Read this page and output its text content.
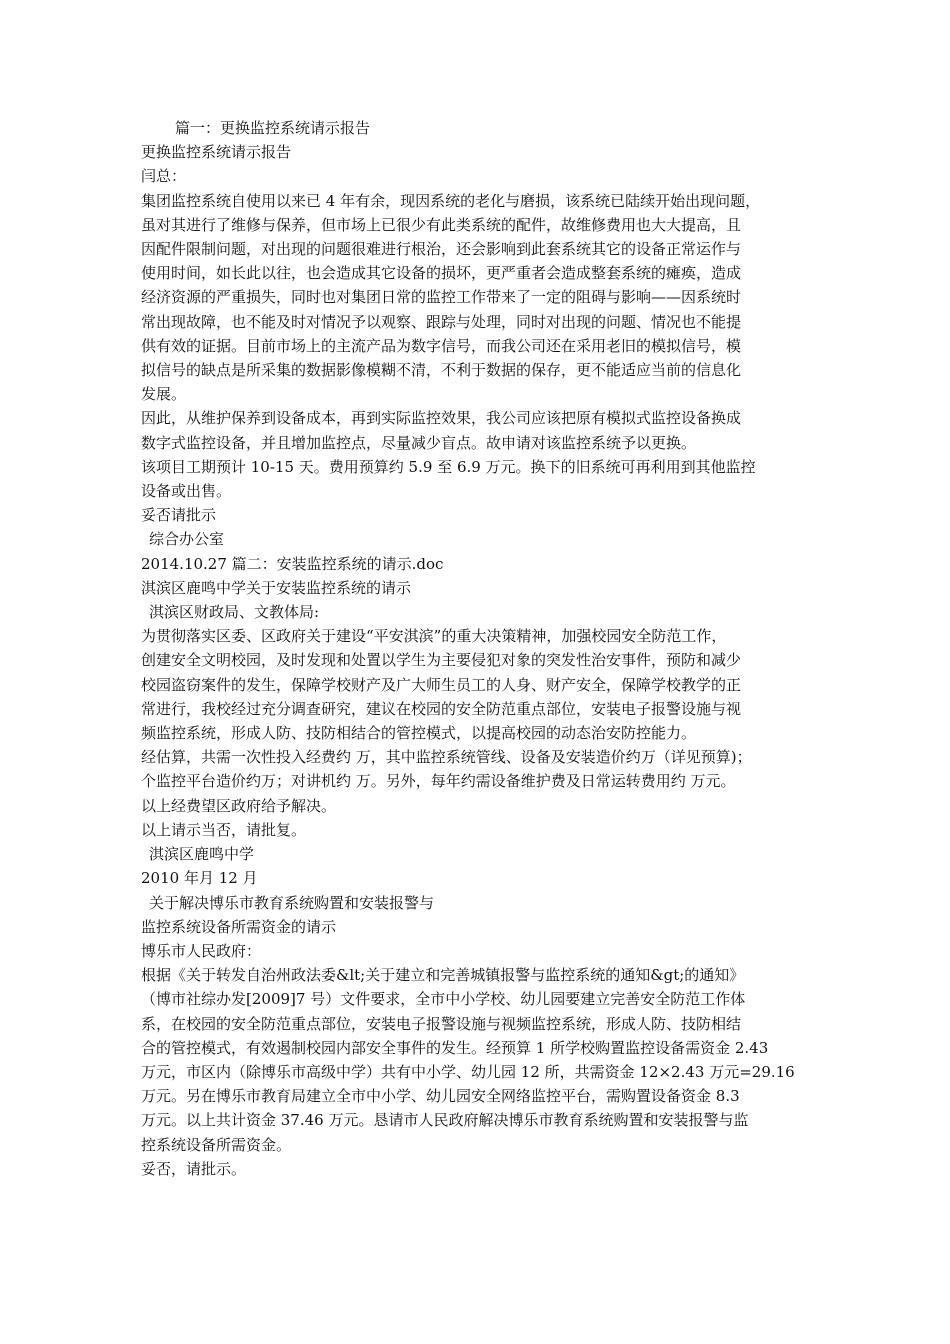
篇一：更换监控系统请示报告
更换监控系统请示报告
闫总：
集团监控系统自使用以来已 4 年有余，现因系统的老化与磨损，该系统已陆续开始出现问题，
虽对其进行了维修与保养，但市场上已很少有此类系统的配件，故维修费用也大大提高，且
因配件限制问题，对出现的问题很难进行根治，还会影响到此套系统其它的设备正常运作与
使用时间，如长此以往，也会造成其它设备的损坏，更严重者会造成整套系统的瘫痪，造成
经济资源的严重损失，同时也对集团日常的监控工作带来了一定的阻碍与影响——因系统时
常出现故障，也不能及时对情况予以观察、跟踪与处理，同时对出现的问题、情况也不能提
供有效的证据。目前市场上的主流产品为数字信号，而我公司还在采用老旧的模拟信号，模
拟信号的缺点是所采集的数据影像模糊不清，不利于数据的保存，更不能适应当前的信息化
发展。
因此，从维护保养到设备成本，再到实际监控效果，我公司应该把原有模拟式监控设备换成
数字式监控设备，并且增加监控点，尽量减少盲点。故申请对该监控系统予以更换。
该项目工期预计 10-15 天。费用预算约 5.9 至 6.9 万元。换下的旧系统可再利用到其他监控
设备或出售。
妥否请批示
综合办公室
2014.10.27 篇二：安装监控系统的请示.doc
淇滨区鹿鸣中学关于安装监控系统的请示
淇滨区财政局、文教体局:
为贯彻落实区委、区政府关于建设“平安淇滨”的重大决策精神，加强校园安全防范工作，
创建安全文明校园，及时发现和处置以学生为主要侵犯对象的突发性治安事件，预防和减少
校园盗窃案件的发生，保障学校财产及广大师生员工的人身、财产安全，保障学校教学的正
常进行，我校经过充分调查研究，建议在校园的安全防范重点部位，安装电子报警设施与视
频监控系统，形成人防、技防相结合的管控模式，以提高校园的动态治安防控能力。
经估算，共需一次性投入经费约 万，其中监控系统管线、设备及安装造价约万（详见预算)；
个监控平台造价约万；对讲机约 万。另外，每年约需设备维护费及日常运转费用约 万元。
以上经费望区政府给予解决。
以上请示当否，请批复。
淇滨区鹿鸣中学
2010 年月 12 月
关于解决博乐市教育系统购置和安装报警与
监控系统设备所需资金的请示
博乐市人民政府：
根据《关于转发自治州政法委&lt;关于建立和完善城镇报警与监控系统的通知&gt;的通知》
（博市社综办发[2009]7 号）文件要求，全市中小学校、幼儿园要建立完善安全防范工作体
系，在校园的安全防范重点部位，安装电子报警设施与视频监控系统，形成人防、技防相结
合的管控模式，有效遏制校园内部安全事件的发生。经预算 1 所学校购置监控设备需资金 2.43
万元，市区内（除博乐市高级中学）共有中小学、幼儿园 12 所，共需资金 12×2.43 万元=29.16
万元。另在博乐市教育局建立全市中小学、幼儿园安全网络监控平台，需购置设备资金 8.3
万元。以上共计资金 37.46 万元。恳请市人民政府解决博乐市教育系统购置和安装报警与监
控系统设备所需资金。
妥否，请批示。
